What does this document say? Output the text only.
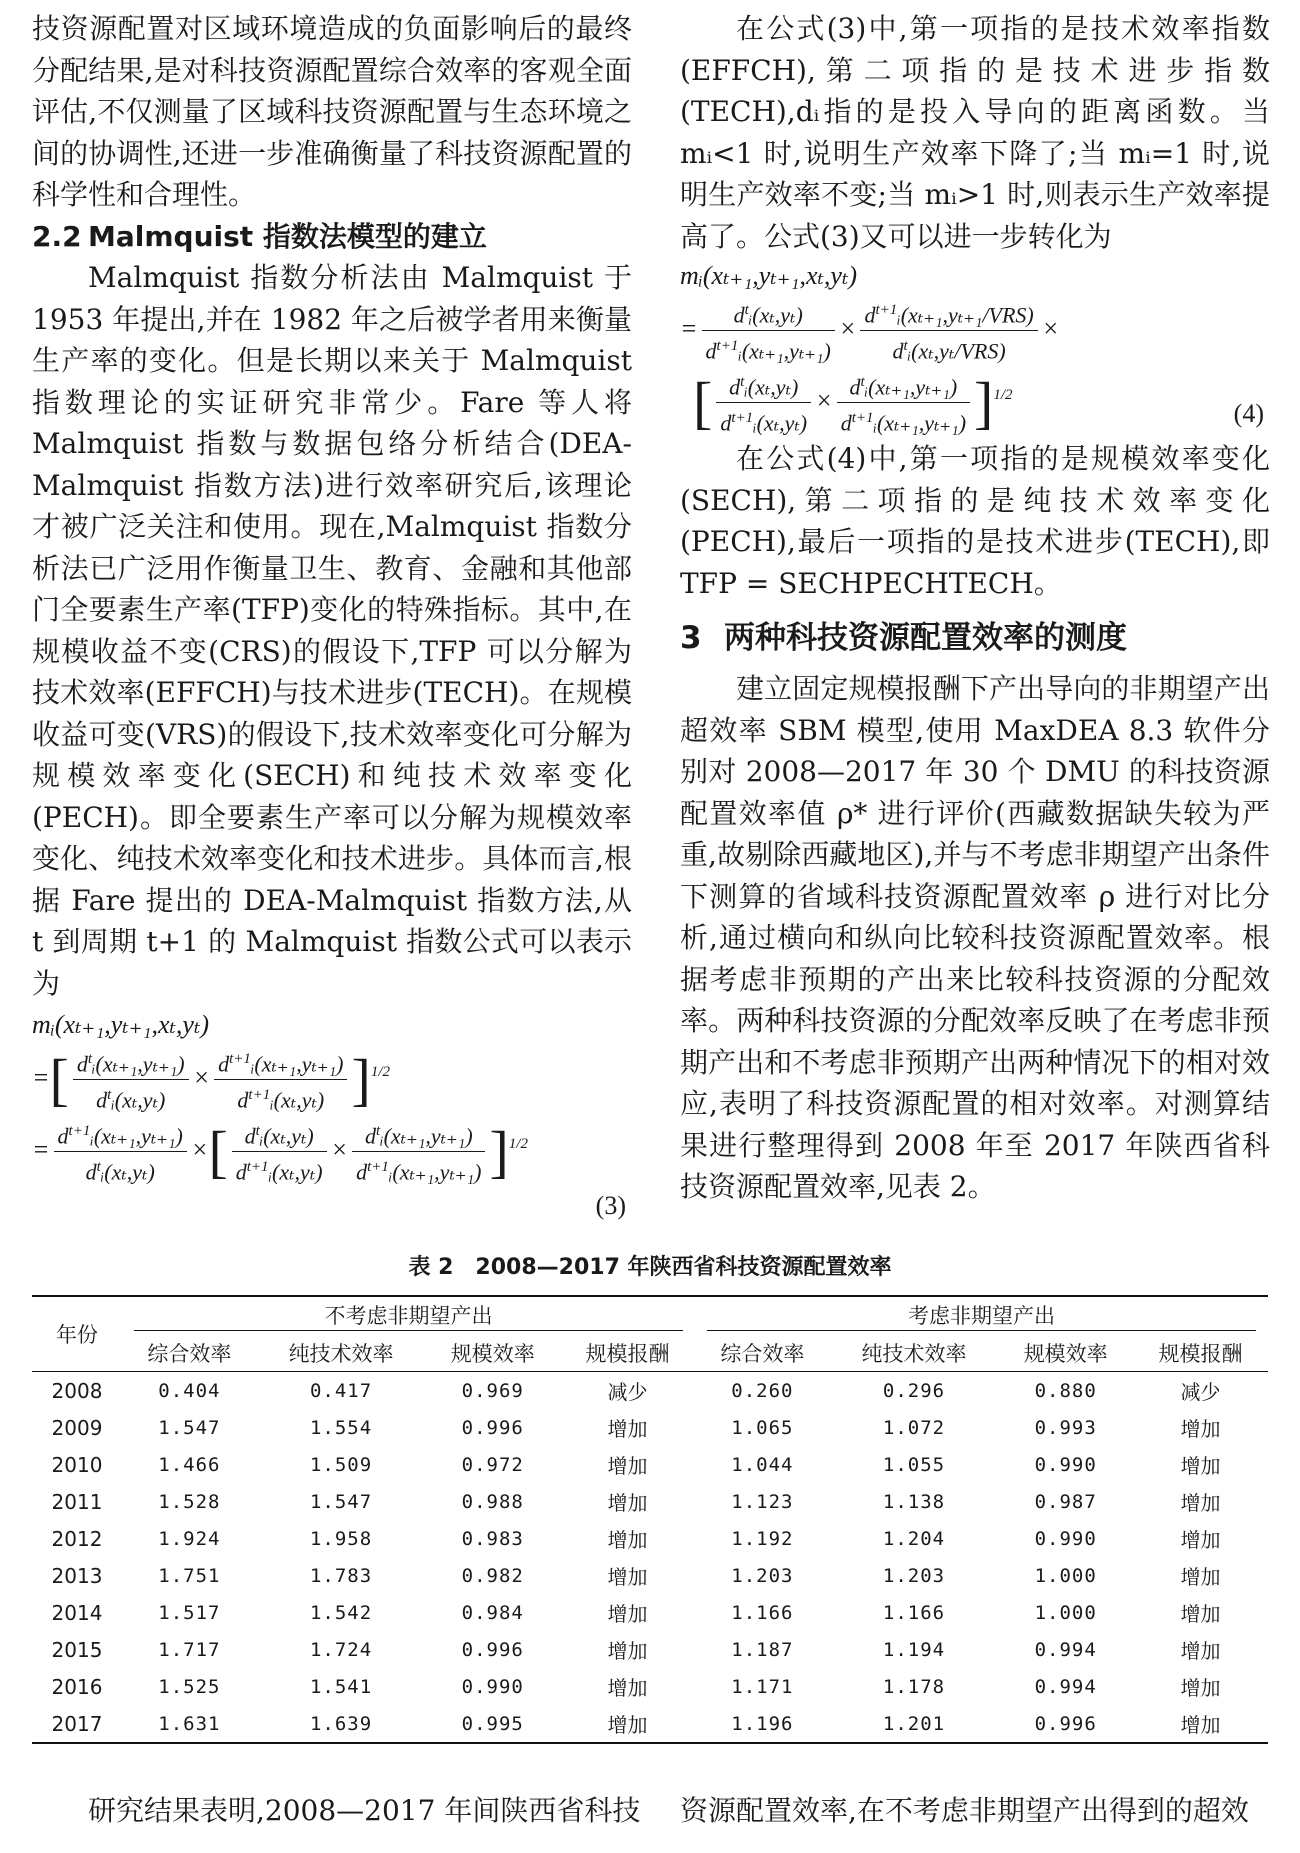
技资源配置对区域环境造成的负面影响后的最终分配结果,是对科技资源配置综合效率的客观全面评估,不仅测量了区域科技资源配置与生态环境之间的协调性,还进一步准确衡量了科技资源配置的科学性和合理性。

2.2 Malmquist 指数法模型的建立

Malmquist 指数分析法由 Malmquist 于 1953 年提出,并在 1982 年之后被学者用来衡量生产率的变化。但是长期以来关于 Malmquist 指数理论的实证研究非常少。Fare 等人将 Malmquist 指数与数据包络分析结合(DEA-Malmquist 指数方法)进行效率研究后,该理论才被广泛关注和使用。现在,Malmquist 指数分析法已广泛用作衡量卫生、教育、金融和其他部门全要素生产率(TFP)变化的特殊指标。其中,在规模收益不变(CRS)的假设下,TFP 可以分解为技术效率(EFFCH)与技术进步(TECH)。在规模收益可变(VRS)的假设下,技术效率变化可分解为规模效率变化(SECH)和纯技术效率变化(PECH)。即全要素生产率可以分解为规模效率变化、纯技术效率变化和技术进步。具体而言,根据 Fare 提出的 DEA-Malmquist 指数方法,从 t 到周期 t+1 的 Malmquist 指数公式可以表示为

mᵢ(xₜ₊₁,yₜ₊₁,xₜ,yₜ)
=[ $\frac{d^tᵢ(x_{t+1},y_{t+1})}{d^tᵢ(x_t,y_t)} \times \frac{d^{t+1}ᵢ(x_{t+1},y_{t+1})}{d^{t+1}ᵢ(x_t,y_t)} ]^{1/2}$
= $\frac{d^{t+1}ᵢ(x_{t+1},y_{t+1})}{d^tᵢ(x_t,y_t)}$ ×[ $\frac{d^tᵢ(x_t,y_t)}{d^{t+1}ᵢ(x_t,y_t)} \times \frac{d^tᵢ(x_{t+1},y_{t+1})}{d^{t+1}ᵢ(x_{t+1},y_{t+1})} ]^{1/2}$
(3)

在公式(3)中,第一项指的是技术效率指数(EFFCH),第二项指的是技术进步指数(TECH),dᵢ指的是投入导向的距离函数。当 mᵢ<1 时,说明生产效率下降了;当 mᵢ=1 时,说明生产效率不变;当 mᵢ>1 时,则表示生产效率提高了。公式(3)又可以进一步转化为

mᵢ(xₜ₊₁,yₜ₊₁,xₜ,yₜ)
= $\frac{d^tᵢ(x_t,y_t)}{d^{t+1}ᵢ(x_{t+1},y_{t+1})} \times \frac{d^{t+1}ᵢ(x_{t+1},y_{t+1}/VRS)}{d^tᵢ(x_t,y_t/VRS)}$ ×
[ $\frac{d^tᵢ(x_t,y_t)}{d^{t+1}ᵢ(x_t,y_t)} \times \frac{d^tᵢ(x_{t+1},y_{t+1})}{d^{t+1}ᵢ(x_{t+1},y_{t+1})} ]^{1/2}$
(4)

在公式(4)中,第一项指的是规模效率变化(SECH),第二项指的是纯技术效率变化(PECH),最后一项指的是技术进步(TECH),即 TFP = SECHPECHTECH。

3 两种科技资源配置效率的测度

建立固定规模报酬下产出导向的非期望产出超效率 SBM 模型,使用 MaxDEA 8.3 软件分别对 2008—2017 年 30 个 DMU 的科技资源配置效率值 ρ* 进行评价(西藏数据缺失较为严重,故剔除西藏地区),并与不考虑非期望产出条件下测算的省域科技资源配置效率 ρ 进行对比分析,通过横向和纵向比较科技资源配置效率。根据考虑非预期的产出来比较科技资源的分配效率。两种科技资源的分配效率反映了在考虑非预期产出和不考虑非预期产出两种情况下的相对效应,表明了科技资源配置的相对效率。对测算结果进行整理得到 2008 年至 2017 年陕西省科技资源配置效率,见表 2。

表 2　2008—2017 年陕西省科技资源配置效率
年份	不考虑非期望产出				考虑非期望产出			

	综合效率	纯技术效率	规模效率	规模报酬	综合效率	纯技术效率	规模效率	规模报酬
2008	0.404	0.417	0.969	减少	0.260	0.296	0.880	减少
2009	1.547	1.554	0.996	增加	1.065	1.072	0.993	增加
2010	1.466	1.509	0.972	增加	1.044	1.055	0.990	增加
2011	1.528	1.547	0.988	增加	1.123	1.138	0.987	增加
2012	1.924	1.958	0.983	增加	1.192	1.204	0.990	增加
2013	1.751	1.783	0.982	增加	1.203	1.203	1.000	增加
2014	1.517	1.542	0.984	增加	1.166	1.166	1.000	增加
2015	1.717	1.724	0.996	增加	1.187	1.194	0.994	增加
2016	1.525	1.541	0.990	增加	1.171	1.178	0.994	增加
2017	1.631	1.639	0.995	增加	1.196	1.201	0.996	增加
研究结果表明,2008—2017 年间陕西省科技 资源配置效率,在不考虑非期望产出得到的超效
